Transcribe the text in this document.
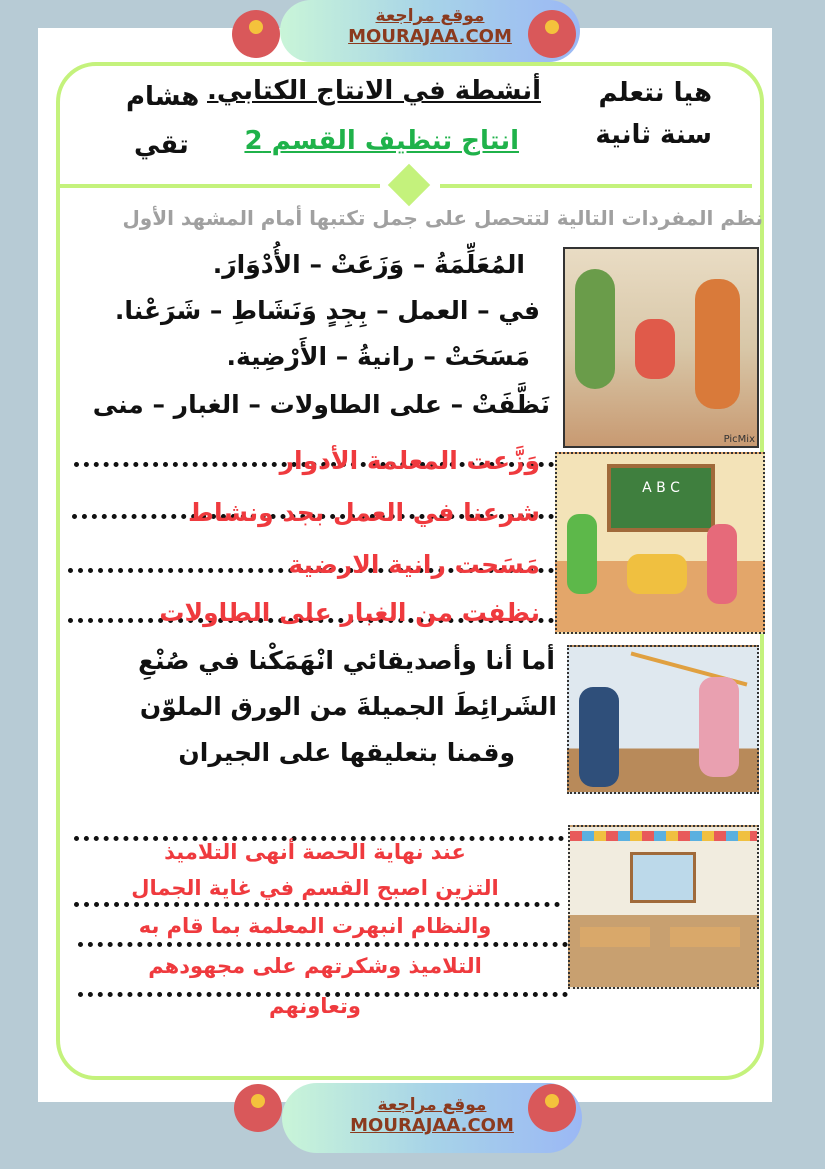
موقع مراجعة
MOURAJAA.COM
هيا نتعلم
سنة ثانية
أنشطة في الانتاج الكتابي.
انتاج تنظيف القسم 2
هشام
تقي
نظم المفردات التالية لتتحصل على جمل تكتبها أمام المشهد الأول
المُعَلِّمَةُ – وَزَعَتْ – الأُدْوَارَ.
في – العمل – بِجِدٍ وَنَشَاطِ – شَرَعْنا.
مَسَحَتْ – رانيةُ – الأَرْضِية.
نَظَّفَتْ – على الطاولات – الغبار – منى
وَزَّعت المعلمة الأدوار
شرعنا في العمل بجد ونشاط
مَسَحت رانية الارضية
نظفت من الغبار على الطاولات
أما أنا وأصديقائي انْهَمَكْنا في صُنْعِ
الشَرائِطَ الجميلةَ من الورق الملوّن
وقمنا بتعليقها على الجيران
عند نهاية الحصة أنهى التلاميذ
التزين اصبح القسم في غاية الجمال
والنظام انبهرت المعلمة بما قام به
التلاميذ وشكرتهم على مجهودهم
وتعاونهم
PicMix
A B C
موقع مراجعة
MOURAJAA.COM
